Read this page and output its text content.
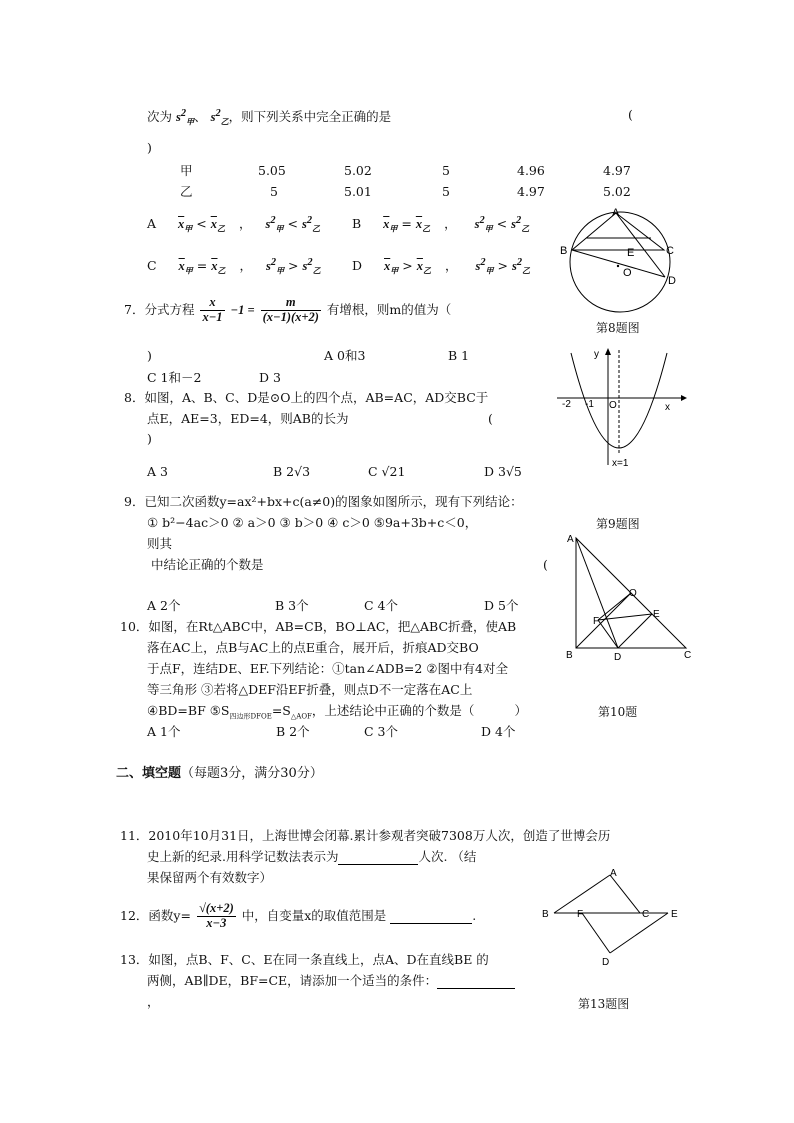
次为 $s^2_甲$、 $s^2_乙$，则下列关系中完全正确的是	(
)
甲	5.05	5.02	5	4.96	4.97
乙	5	5.01	5	4.97	5.02
A $\overline{x}_甲 < \overline{x}_乙$ ， $s^2_甲 < s^2_乙$	B $\overline{x}_甲 = \overline{x}_乙$ ， $s^2_甲 < s^2_乙$
C $\overline{x}_甲 = \overline{x}_乙$ ， $s^2_甲 > s^2_乙$	D $\overline{x}_甲 > \overline{x}_乙$ ， $s^2_甲 > s^2_乙$
7．分式方程 $\frac{x}{x-1} -1 = \frac{m}{(x-1)(x+2)}$ 有增根，则m的值为（
)	A 0和3	B 1
C 1和－2	D 3
8．如图，A、B、C、D是⊙O上的四个点，AB=AC，AD交BC于
点E，AE=3，ED=4，则AB的长为	(
)
A 3	B 2√3	C √21	D 3√5
9．已知二次函数y=ax²+bx+c(a≠0)的图象如图所示，现有下列结论：
① b²−4ac＞0 ② a＞0 ③ b＞0 ④ c＞0 ⑤9a+3b+c＜0，
则其
中结论正确的个数是	(
A 2个	B 3个	C 4个	D 5个
10．如图，在Rt△ABC中，AB=CB，BO⊥AC，把△ABC折叠，使AB
落在AC上，点B与AC上的点E重合，展开后，折痕AD交BO
于点F，连结DE、EF.下列结论：①tan∠ADB=2 ②图中有4对全
等三角形 ③若将△DEF沿EF折叠，则点D不一定落在AC上
④BD=BF $⑤S_{四边形DFOE}=S_{\triangle AOF}$，上述结论中正确的个数是（	）
A 1个	B 2个	C 3个	D 4个
二、填空题（每题3分，满分30分）
11．2010年10月31日，上海世博会闭幕.累计参观者突破7308万人次，创造了世博会历
史上新的纪录.用科学记数法表示为	人次. （结
果保留两个有效数字）
12．函数$y= \frac{√(x+2)}{x-3}$ 中，自变量x的取值范围是	.
13．如图，点B、F、C、E在同一条直线上，点A、D在直线BE 的
两侧，AB∥DE，BF=CE，请添加一个适当的条件：
，
A
B	C
E
O
D
第8题图
y
x
O
-2 -1
x=1
第9题图
A
O
F
E
B	D	C
第10题
A
B	F	C E
D
第13题图
